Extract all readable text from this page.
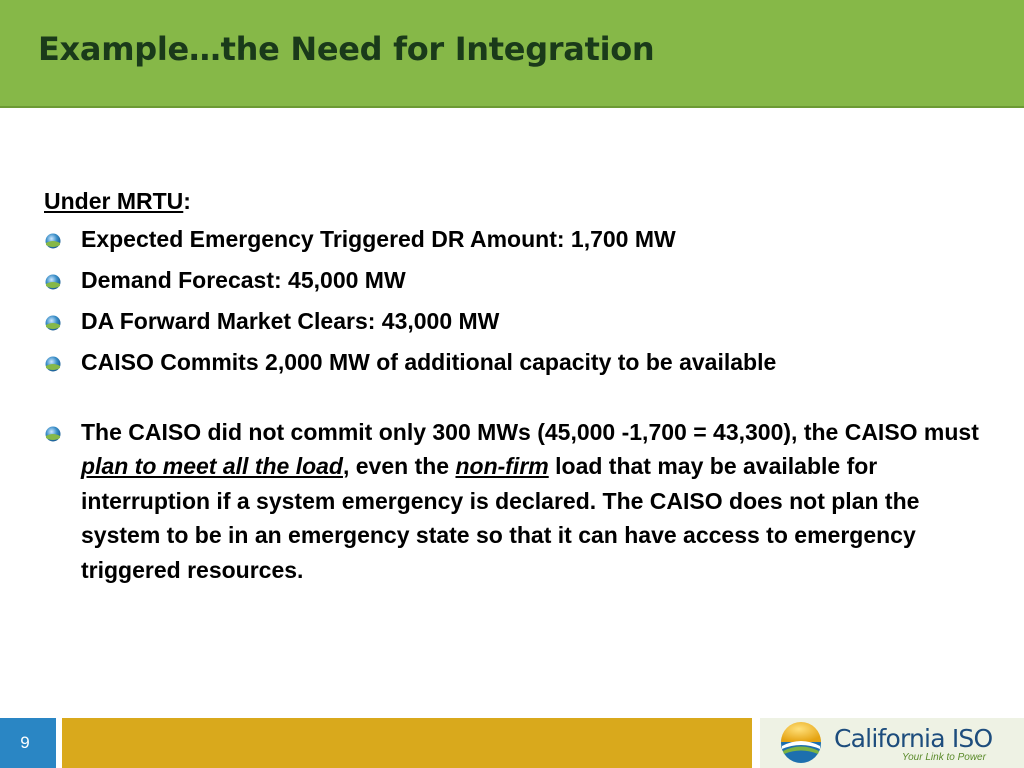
Example…the Need for Integration
Under MRTU:
Expected Emergency Triggered DR Amount: 1,700 MW
Demand Forecast: 45,000 MW
DA Forward Market Clears: 43,000 MW
CAISO Commits 2,000 MW of additional capacity to be available
The CAISO did not commit only 300 MWs (45,000 -1,700 = 43,300), the CAISO must plan to meet all the load, even the non-firm load that may be available for interruption if a system emergency is declared. The CAISO does not plan the system to be in an emergency state so that it can have access to emergency triggered resources.
9	California ISO
Your Link to Power
